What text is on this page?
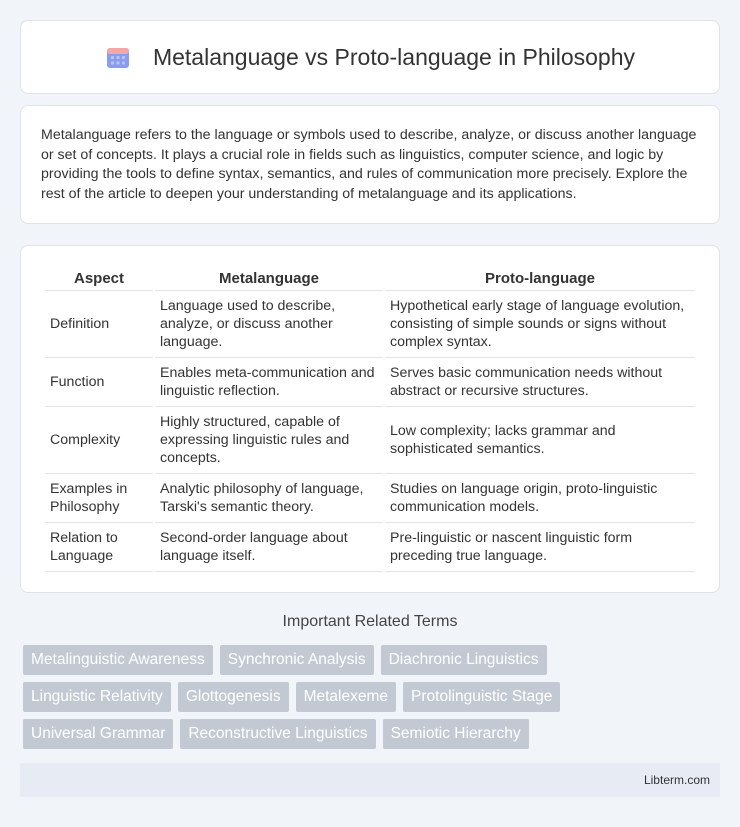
Metalanguage vs Proto-language in Philosophy

Metalanguage refers to the language or symbols used to describe, analyze, or discuss another language or set of concepts. It plays a crucial role in fields such as linguistics, computer science, and logic by providing the tools to define syntax, semantics, and rules of communication more precisely. Explore the rest of the article to deepen your understanding of metalanguage and its applications.

Aspect	Metalanguage	Proto-language
Definition	Language used to describe, analyze, or discuss another language.	Hypothetical early stage of language evolution, consisting of simple sounds or signs without complex syntax.
Function	Enables meta-communication and linguistic reflection.	Serves basic communication needs without abstract or recursive structures.
Complexity	Highly structured, capable of expressing linguistic rules and concepts.	Low complexity; lacks grammar and sophisticated semantics.
Examples in Philosophy	Analytic philosophy of language, Tarski's semantic theory.	Studies on language origin, proto-linguistic communication models.
Relation to Language	Second-order language about language itself.	Pre-linguistic or nascent linguistic form preceding true language.
Important Related Terms
Metalinguistic Awareness	Synchronic Analysis	Diachronic Linguistics
Linguistic Relativity	Glottogenesis	Metalexeme	Protolinguistic Stage
Universal Grammar	Reconstructive Linguistics	Semiotic Hierarchy
Libterm.com
